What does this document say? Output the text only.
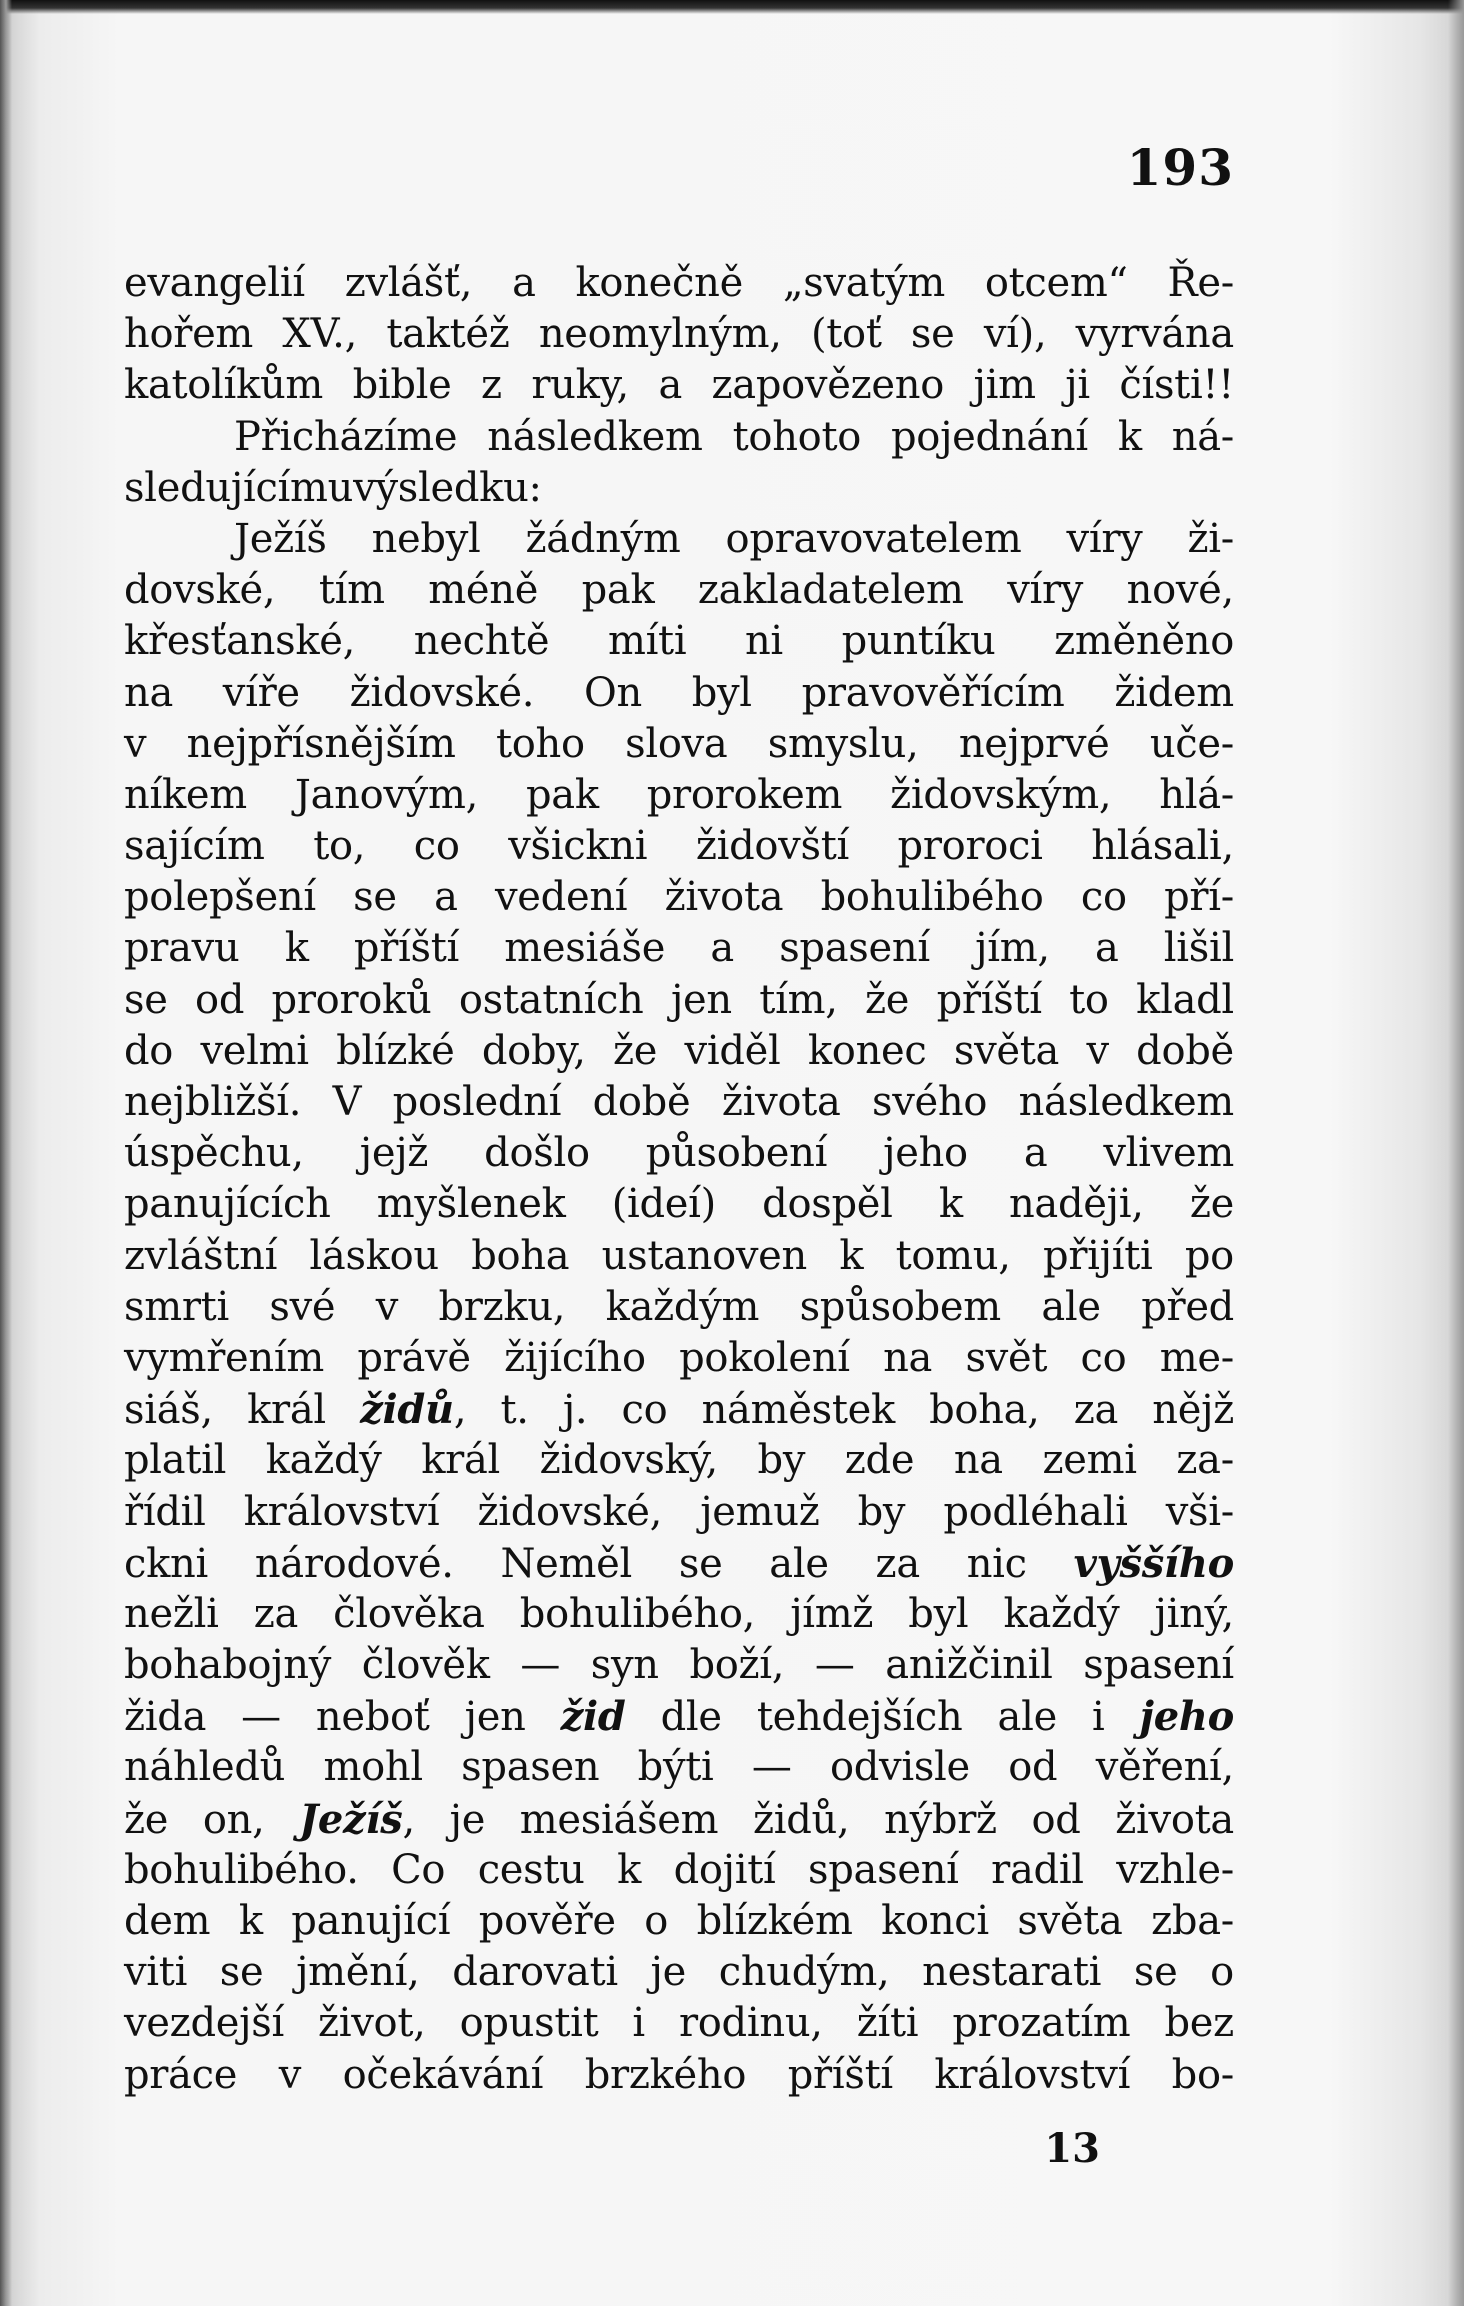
193
evangelií zvlášť, a konečně „svatým otcem“ Ře-
hořem XV., taktéž neomylným, (toť se ví), vyrvána
katolíkům bible z ruky, a zapovězeno jim ji čísti!!
Přicházíme následkem tohoto pojednání k ná-
sledujícímu výsledku:
Ježíš nebyl žádným opravovatelem víry ži-
dovské, tím méně pak zakladatelem víry nové,
křesťanské, nechtě míti ni puntíku změněno
na víře židovské. On byl pravověřícím židem
v nejpřísnějším toho slova smyslu, nejprvé uče-
níkem Janovým, pak prorokem židovským, hlá-
sajícím to, co všickni židovští proroci hlásali,
polepšení se a vedení života bohulibého co pří-
pravu k příští mesiáše a spasení jím, a lišil
se od proroků ostatních jen tím, že příští to kladl
do velmi blízké doby, že viděl konec světa v době
nejbližší. V poslední době života svého následkem
úspěchu, jejž došlo působení jeho a vlivem
panujících myšlenek (ideí) dospěl k naději, že
zvláštní láskou boha ustanoven k tomu, přijíti po
smrti své v brzku, každým spůsobem ale před
vymřením právě žijícího pokolení na svět co me-
siáš, král židů, t. j. co náměstek boha, za nějž
platil každý král židovský, by zde na zemi za-
řídil království židovské, jemuž by podléhali vši-
ckni národové. Neměl se ale za nic vyššího
nežli za člověka bohulibého, jímž byl každý jiný,
bohabojný člověk — syn boží, — anižčinil spasení
žida — neboť jen žid dle tehdejších ale i jeho
náhledů mohl spasen býti — odvisle od věření,
že on, Ježíš, je mesiášem židů, nýbrž od života
bohulibého. Co cestu k dojití spasení radil vzhle-
dem k panující pověře o blízkém konci světa zba-
viti se jmění, darovati je chudým, nestarati se o
vezdejší život, opustit i rodinu, žíti prozatím bez
práce v očekávání brzkého příští království bo-
13
